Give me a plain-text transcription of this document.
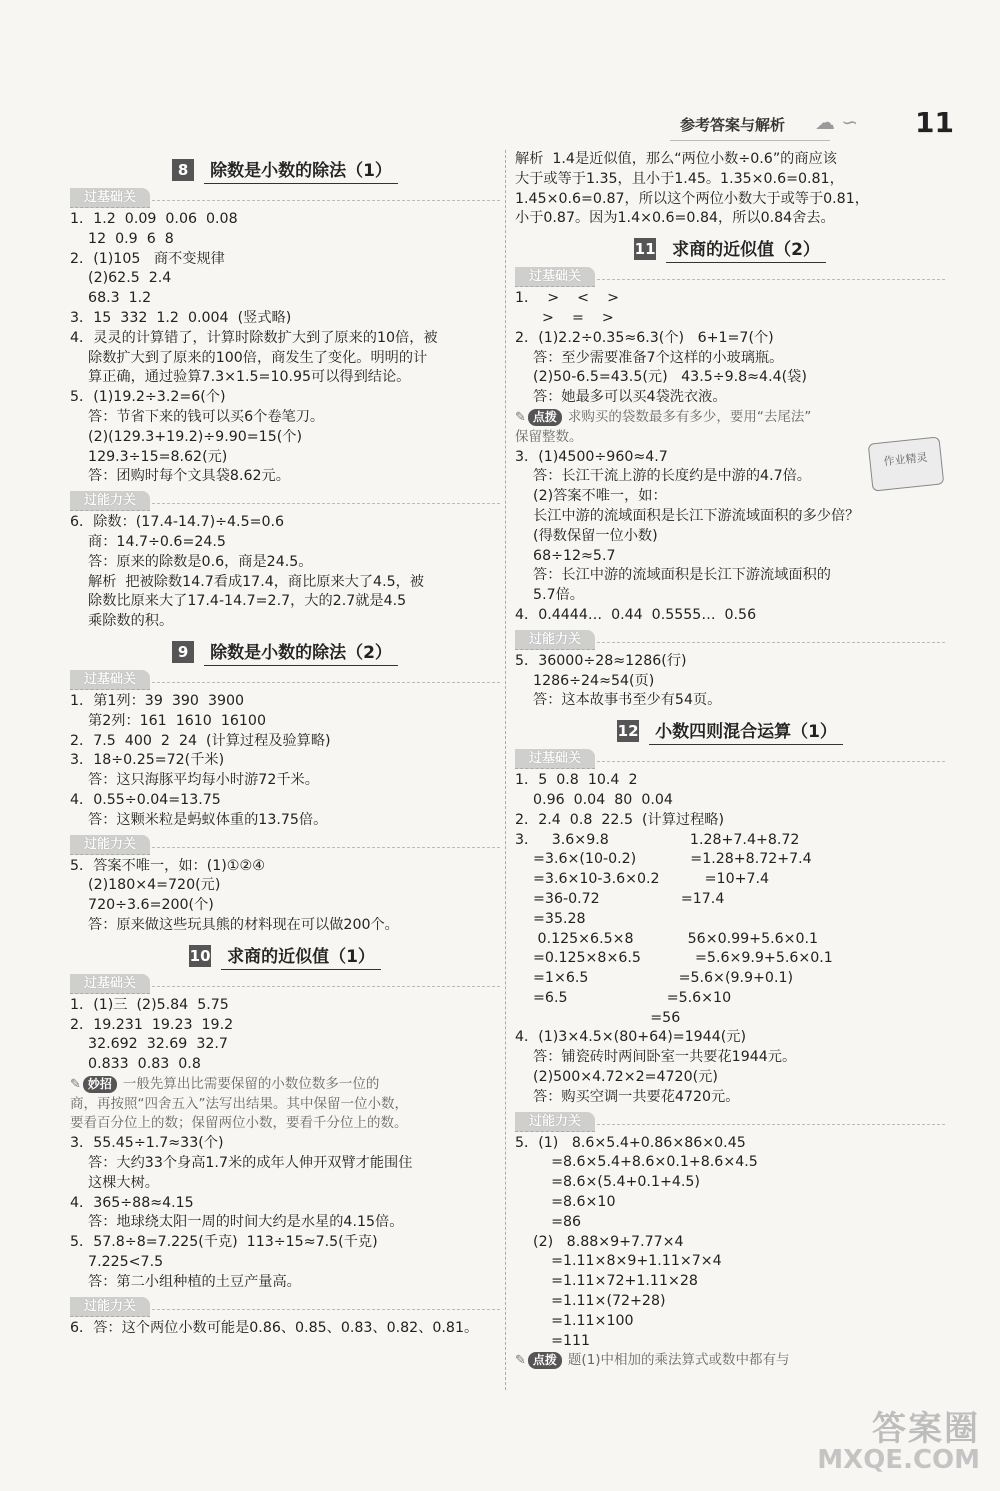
参考答案与解析 ☁ ∽ 11
8	除数是小数的除法（1）
过基础关
1．1.2  0.09  0.06  0.08
12  0.9  6  8
2．(1)105   商不变规律
(2)62.5  2.4
68.3  1.2
3．15  332  1.2  0.004  (竖式略)
4．灵灵的计算错了，计算时除数扩大到了原来的10倍，被
除数扩大到了原来的100倍，商发生了变化。明明的计
算正确，通过验算7.3×1.5=10.95可以得到结论。
5．(1)19.2÷3.2=6(个)
答：节省下来的钱可以买6个卷笔刀。
(2)(129.3+19.2)÷9.90=15(个)
129.3÷15=8.62(元)
答：团购时每个文具袋8.62元。
过能力关
6．除数：(17.4-14.7)÷4.5=0.6
商：14.7÷0.6=24.5
答：原来的除数是0.6，商是24.5。
解析  把被除数14.7看成17.4，商比原来大了4.5，被
除数比原来大了17.4-14.7=2.7，大的2.7就是4.5
乘除数的积。
9	除数是小数的除法（2）
过基础关
1．第1列：39  390  3900
第2列：161  1610  16100
2．7.5  400  2  24  (计算过程及验算略)
3．18÷0.25=72(千米)
答：这只海豚平均每小时游72千米。
4．0.55÷0.04=13.75
答：这颗米粒是蚂蚁体重的13.75倍。
过能力关
5．答案不唯一，如：(1)①②④
(2)180×4=720(元)
720÷3.6=200(个)
答：原来做这些玩具熊的材料现在可以做200个。
10 求商的近似值（1）
过基础关
1．(1)三  (2)5.84  5.75
2．19.231  19.23  19.2
32.692  32.69  32.7
0.833  0.83  0.8
✎ 妙招 一般先算出比需要保留的小数位数多一位的
商，再按照“四舍五入”法写出结果。其中保留一位小数，
要看百分位上的数；保留两位小数，要看千分位上的数。
3．55.45÷1.7≈33(个)
答：大约33个身高1.7米的成年人伸开双臂才能围住
这棵大树。
4．365÷88≈4.15
答：地球绕太阳一周的时间大约是水星的4.15倍。
5．57.8÷8=7.225(千克)  113÷15≈7.5(千克)
7.225<7.5
答：第二小组种植的土豆产量高。
过能力关
6．答：这个两位小数可能是0.86、0.85、0.83、0.82、0.81。
解析  1.4是近似值，那么“两位小数÷0.6”的商应该
大于或等于1.35，且小于1.45。1.35×0.6=0.81，
1.45×0.6=0.87，所以这个两位小数大于或等于0.81，
小于0.87。因为1.4×0.6=0.84，所以0.84舍去。
11 求商的近似值（2）
过基础关
1．  >    <    >
>    =    >
2．(1)2.2÷0.35≈6.3(个)   6+1=7(个)
答：至少需要准备7个这样的小玻璃瓶。
(2)50-6.5=43.5(元)   43.5÷9.8≈4.4(袋)
答：她最多可以买4袋洗衣液。
✎ 点拨 求购买的袋数最多有多少，要用“去尾法”
保留整数。
3．(1)4500÷960≈4.7
答：长江干流上游的长度约是中游的4.7倍。
(2)答案不唯一，如：
长江中游的流域面积是长江下游流域面积的多少倍？
(得数保留一位小数)
68÷12≈5.7
答：长江中游的流域面积是长江下游流域面积的
5.7倍。
4．0.4444…  0.44  0.5555…  0.56
过能力关
5．36000÷28≈1286(行)
1286÷24≈54(页)
答：这本故事书至少有54页。
12 小数四则混合运算（1）
过基础关
1．5  0.8  10.4  2
0.96  0.04  80  0.04
2．2.4  0.8  22.5  (计算过程略)
3．   3.6×9.8                  1.28+7.4+8.72
=3.6×(10-0.2)            =1.28+8.72+7.4
=3.6×10-3.6×0.2          =10+7.4
=36-0.72                  =17.4
=35.28
0.125×6.5×8            56×0.99+5.6×0.1
=0.125×8×6.5            =5.6×9.9+5.6×0.1
=1×6.5                    =5.6×(9.9+0.1)
=6.5                      =5.6×10
=56
4．(1)3×4.5×(80+64)=1944(元)
答：铺瓷砖时两间卧室一共要花1944元。
(2)500×4.72×2=4720(元)
答：购买空调一共要花4720元。
过能力关
5．(1)   8.6×5.4+0.86×86×0.45
=8.6×5.4+8.6×0.1+8.6×4.5
=8.6×(5.4+0.1+4.5)
=8.6×10
=86
(2)   8.88×9+7.77×4
=1.11×8×9+1.11×7×4
=1.11×72+1.11×28
=1.11×(72+28)
=1.11×100
=111
✎ 点拨 题(1)中相加的乘法算式或数中都有与
作业精灵
答案圈
MXQE.COM
